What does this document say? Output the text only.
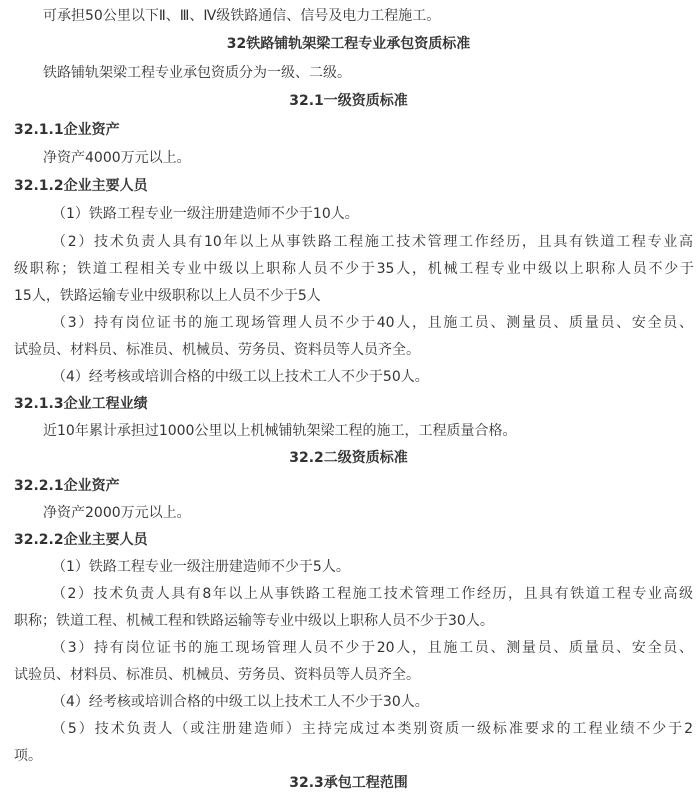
可承担50公里以下Ⅱ、Ⅲ、Ⅳ级铁路通信、信号及电力工程施工。
32铁路铺轨架梁工程专业承包资质标准
铁路铺轨架梁工程专业承包资质分为一级、二级。
32.1一级资质标准
32.1.1企业资产
净资产4000万元以上。
32.1.2企业主要人员
（1）铁路工程专业一级注册建造师不少于10人。
（2）技术负责人具有10年以上从事铁路工程施工技术管理工作经历，且具有铁道工程专业高
级职称；铁道工程相关专业中级以上职称人员不少于35人，机械工程专业中级以上职称人员不少于
15人，铁路运输专业中级职称以上人员不少于5人
（3）持有岗位证书的施工现场管理人员不少于40人，且施工员、测量员、质量员、安全员、
试验员、材料员、标准员、机械员、劳务员、资料员等人员齐全。
（4）经考核或培训合格的中级工以上技术工人不少于50人。
32.1.3企业工程业绩
近10年累计承担过1000公里以上机械铺轨架梁工程的施工，工程质量合格。
32.2二级资质标准
32.2.1企业资产
净资产2000万元以上。
32.2.2企业主要人员
（1）铁路工程专业一级注册建造师不少于5人。
（2）技术负责人具有8年以上从事铁路工程施工技术管理工作经历，且具有铁道工程专业高级
职称；铁道工程、机械工程和铁路运输等专业中级以上职称人员不少于30人。
（3）持有岗位证书的施工现场管理人员不少于20人，且施工员、测量员、质量员、安全员、
试验员、材料员、标准员、机械员、劳务员、资料员等人员齐全。
（4）经考核或培训合格的中级工以上技术工人不少于30人。
（5）技术负责人（或注册建造师）主持完成过本类别资质一级标准要求的工程业绩不少于2
项。
32.3承包工程范围
